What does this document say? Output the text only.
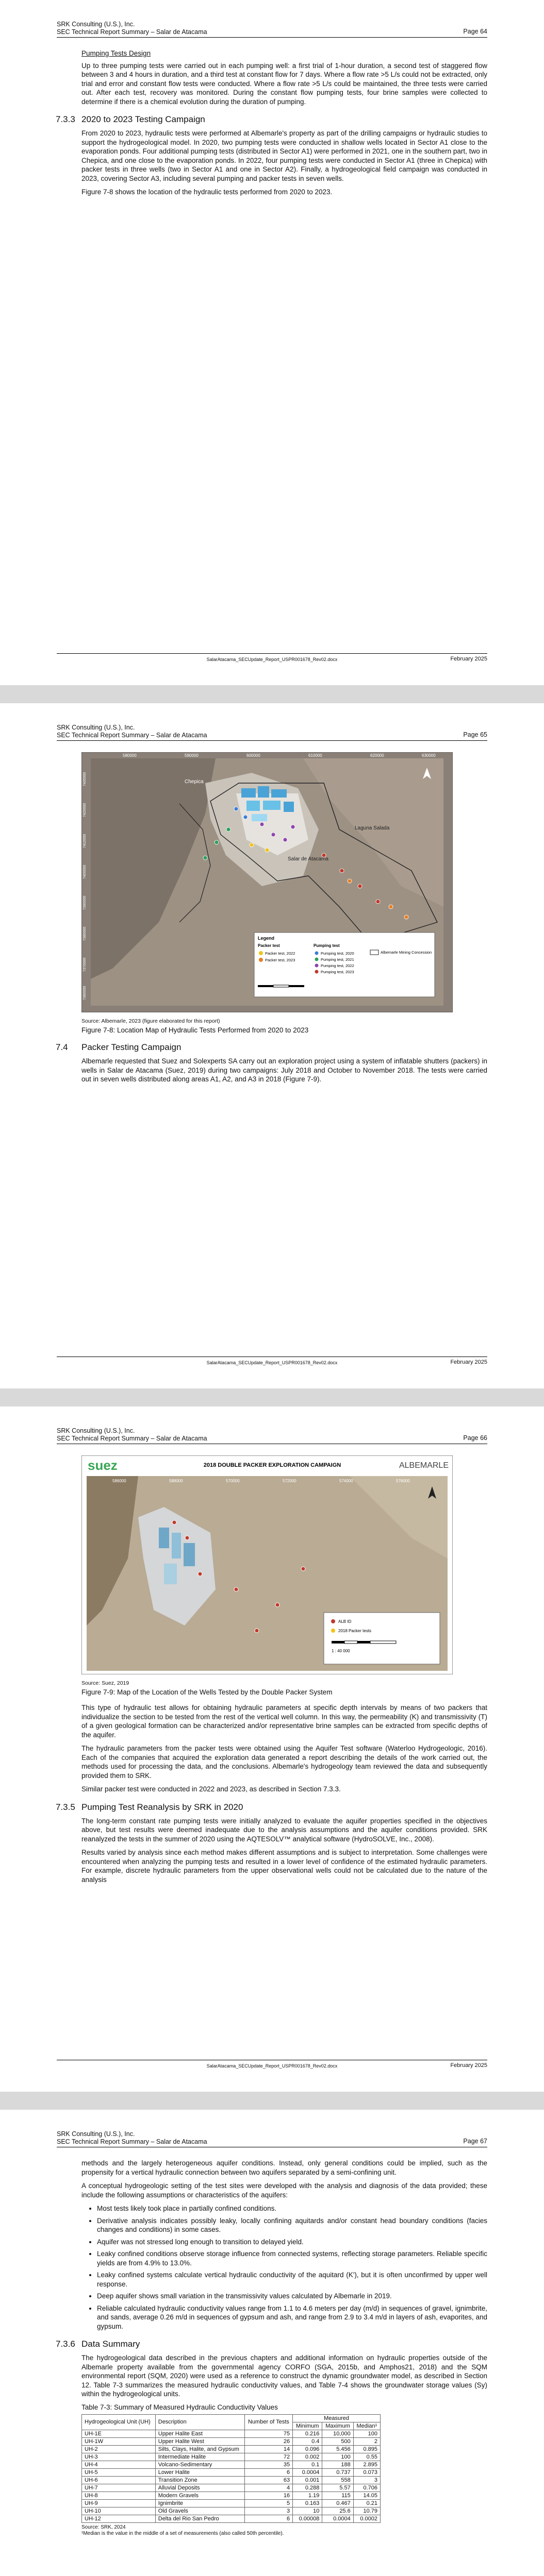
SRK Consulting (U.S.), Inc.
SEC Technical Report Summary – Salar de Atacama	Page 64

Pumping Tests Design

Up to three pumping tests were carried out in each pumping well: a first trial of 1-hour duration, a second test of staggered flow between 3 and 4 hours in duration, and a third test at constant flow for 7 days. Where a flow rate >5 L/s could not be extracted, only trial and error and constant flow tests were conducted. Where a flow rate >5 L/s could be maintained, the three tests were carried out. After each test, recovery was monitored. During the constant flow pumping tests, four brine samples were collected to determine if there is a chemical evolution during the duration of pumping.

7.3.3 2020 to 2023 Testing Campaign

From 2020 to 2023, hydraulic tests were performed at Albemarle's property as part of the drilling campaigns or hydraulic studies to support the hydrogeological model. In 2020, two pumping tests were conducted in shallow wells located in Sector A1 close to the evaporation ponds. Four additional pumping tests (distributed in Sector A1) were performed in 2021, one in the southern part, two in Chepica, and one close to the evaporation ponds. In 2022, four pumping tests were conducted in Sector A1 (three in Chepica) with packer tests in three wells (two in Sector A1 and one in Sector A2). Finally, a hydrogeological field campaign was conducted in 2023, covering Sector A3, including several pumping and packer tests in seven wells.

Figure 7-8 shows the location of the hydraulic tests performed from 2020 to 2023.

SalarAtacama_SECUpdate_Report_USPR001678_Rev02.docx	February 2025
SRK Consulting (U.S.), Inc.
SEC Technical Report Summary – Salar de Atacama	Page 65
Chepica
Salar de Atacama
Laguna Salada
580000	590000	600000	610000	620000	630000
7430000
7420000
7410000
7400000
7390000
7380000
7370000
7360000
Legend
Packer test
Packer test, 2022
Packer test, 2023
Pumping test
Pumping test, 2020
Pumping test, 2021
Pumping test, 2022
Pumping test, 2023
Albemarle Mining Concession
Source: Albemarle, 2023 (figure elaborated for this report)
Figure 7-8: Location Map of Hydraulic Tests Performed from 2020 to 2023
7.4 Packer Testing Campaign

Albemarle requested that Suez and Solexperts SA carry out an exploration project using a system of inflatable shutters (packers) in wells in Salar de Atacama (Suez, 2019) during two campaigns: July 2018 and October to November 2018. The tests were carried out in seven wells distributed along areas A1, A2, and A3 in 2018 (Figure 7-9).

SalarAtacama_SECUpdate_Report_USPR001678_Rev02.docx	February 2025
SRK Consulting (U.S.), Inc.
SEC Technical Report Summary – Salar de Atacama	Page 66
suez	2018 DOUBLE PACKER EXPLORATION CAMPAIGN	ALBEMARLE
586000	588000	570000	572000	574000	576000
ALB ID
2018 Packer tests
1 : 40 000
Source: Suez, 2019
Figure 7-9: Map of the Location of the Wells Tested by the Double Packer System

This type of hydraulic test allows for obtaining hydraulic parameters at specific depth intervals by means of two packers that individualize the section to be tested from the rest of the vertical well column. In this way, the permeability (K) and transmissivity (T) of a given geological formation can be characterized and/or representative brine samples can be extracted from specific depths of the aquifer.

The hydraulic parameters from the packer tests were obtained using the Aquifer Test software (Waterloo Hydrogeologic, 2016). Each of the companies that acquired the exploration data generated a report describing the details of the work carried out, the methods used for processing the data, and the conclusions. Albemarle's hydrogeology team reviewed the data and subsequently provided them to SRK.

Similar packer test were conducted in 2022 and 2023, as described in Section 7.3.3.

7.3.5 Pumping Test Reanalysis by SRK in 2020

The long-term constant rate pumping tests were initially analyzed to evaluate the aquifer properties specified in the objectives above, but test results were deemed inadequate due to the analysis assumptions and the aquifer conditions provided. SRK reanalyzed the tests in the summer of 2020 using the AQTESOLV™ analytical software (HydroSOLVE, Inc., 2008).

Results varied by analysis since each method makes different assumptions and is subject to interpretation. Some challenges were encountered when analyzing the pumping tests and resulted in a lower level of confidence of the estimated hydraulic parameters. For example, discrete hydraulic parameters from the upper observational wells could not be calculated due to the nature of the analysis

SalarAtacama_SECUpdate_Report_USPR001678_Rev02.docx	February 2025
SRK Consulting (U.S.), Inc.
SEC Technical Report Summary – Salar de Atacama	Page 67

methods and the largely heterogeneous aquifer conditions. Instead, only general conditions could be implied, such as the propensity for a vertical hydraulic connection between two aquifers separated by a semi-confining unit.

A conceptual hydrogeologic setting of the test sites were developed with the analysis and diagnosis of the data provided; these include the following assumptions or characteristics of the aquifers:

• Most tests likely took place in partially confined conditions.
• Derivative analysis indicates possibly leaky, locally confining aquitards and/or constant head boundary conditions (facies changes and conditions) in some cases.
• Aquifer was not stressed long enough to transition to delayed yield.
• Leaky confined conditions observe storage influence from connected systems, reflecting storage parameters. Reliable specific yields are from 4.9% to 13.0%.
• Leaky confined systems calculate vertical hydraulic conductivity of the aquitard (K'), but it is often unconfirmed by upper well response.
• Deep aquifer shows small variation in the transmissivity values calculated by Albemarle in 2019.
• Reliable calculated hydraulic conductivity values range from 1.1 to 4.6 meters per day (m/d) in sequences of gravel, ignimbrite, and sands, average 0.26 m/d in sequences of gypsum and ash, and range from 2.9 to 3.4 m/d in layers of ash, evaporites, and gypsum.
7.3.6 Data Summary

The hydrogeological data described in the previous chapters and additional information on hydraulic properties outside of the Albemarle property available from the governmental agency CORFO (SGA, 2015b, and Amphos21, 2018) and the SQM environmental report (SQM, 2020) were used as a reference to construct the dynamic groundwater model, as described in Section 12. Table 7-3 summarizes the measured hydraulic conductivity values, and Table 7-4 shows the groundwater storage values (Sy) within the hydrogeological units.

Table 7-3: Summary of Measured Hydraulic Conductivity Values
Hydrogeological Unit (UH)	Description	Number of Tests	Measured		
			Minimum	Maximum	Median¹
UH-1E	Upper Halite East	75	0.216	10,000	100
UH-1W	Upper Halite West	26	0.4	500	2
UH-2	Silts, Clays, Halite, and Gypsum	14	0.096	5.456	0.895
UH-3	Intermediate Halite	72	0.002	100	0.55
UH-4	Volcano-Sedimentary	35	0.1	188	2.895
UH-5	Lower Halite	6	0.0004	0.737	0.073
UH-6	Transition Zone	63	0.001	558	3
UH-7	Alluvial Deposits	4	0.288	5.57	0.706
UH-8	Modern Gravels	16	1.19	115	14.05
UH-9	Ignimbrite	5	0.163	0.467	0.21
UH-10	Old Gravels	3	10	25.6	10.79
UH-12	Delta del Rio San Pedro	6	0.00008	0.0004	0.0002

Source: SRK, 2024

¹Median is the value in the middle of a set of measurements (also called 50th percentile).
